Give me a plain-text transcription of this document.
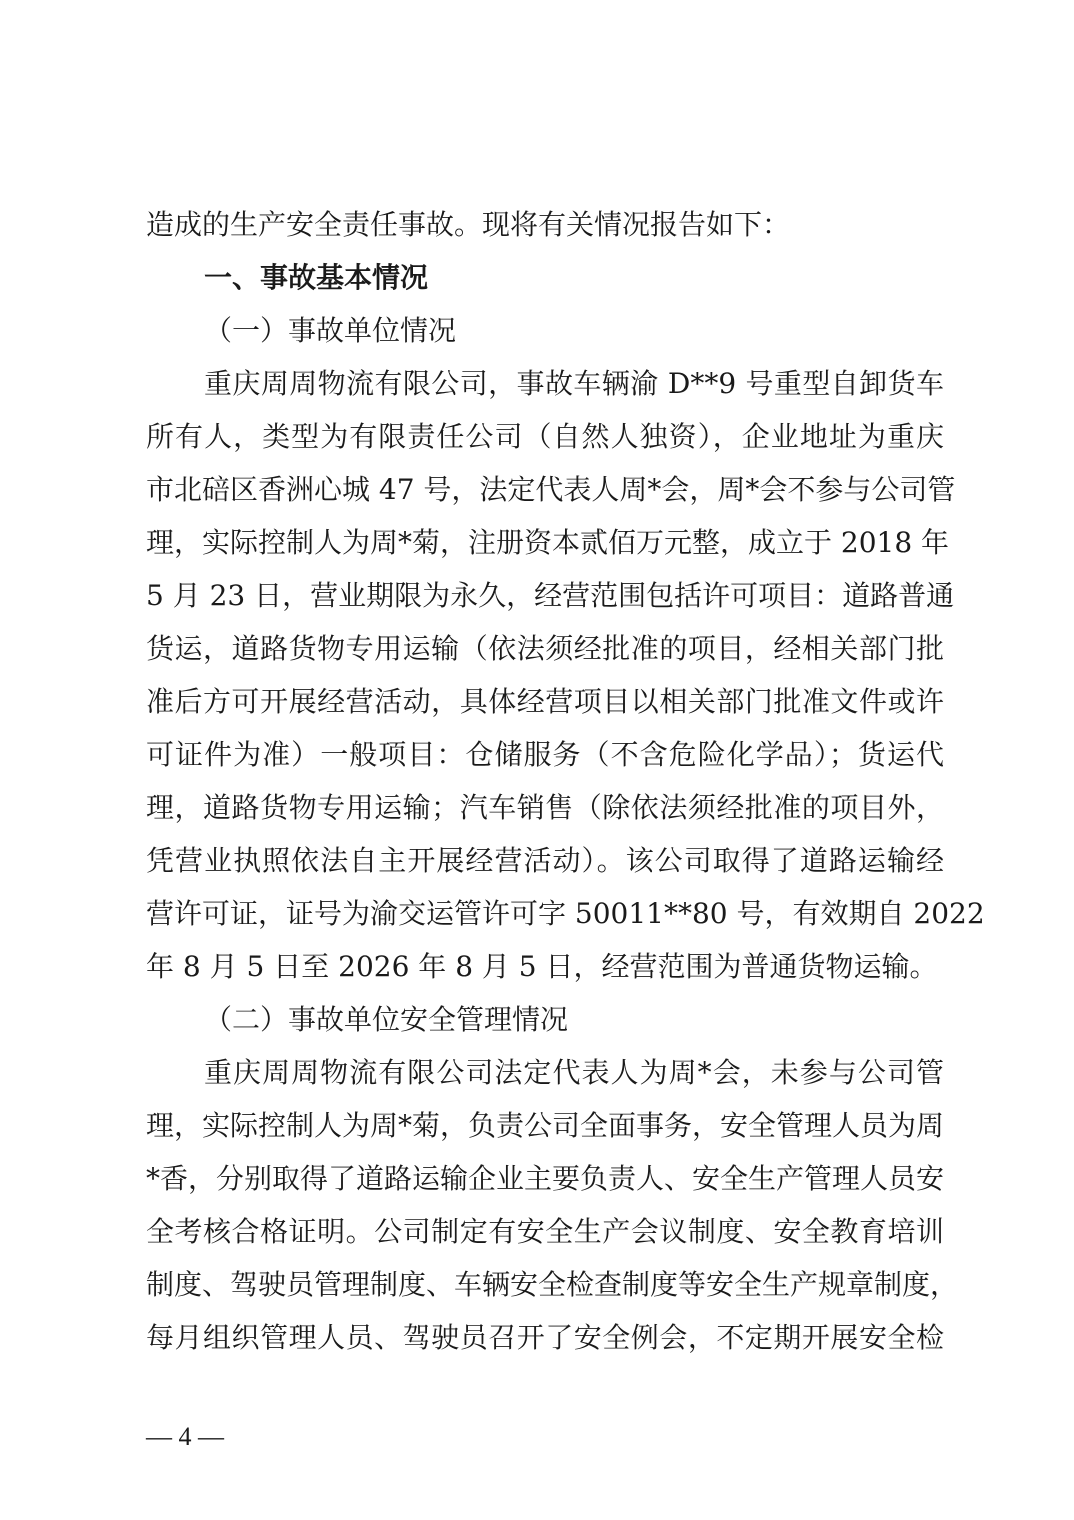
造成的生产安全责任事故。现将有关情况报告如下：
一、事故基本情况
（一）事故单位情况
重庆周周物流有限公司，事故车辆渝 D**9 号重型自卸货车
所有人，类型为有限责任公司（自然人独资），企业地址为重庆
市北碚区香洲心城 47 号，法定代表人周*会，周*会不参与公司管
理，实际控制人为周*菊，注册资本贰佰万元整，成立于 2018 年
5 月 23 日，营业期限为永久，经营范围包括许可项目：道路普通
货运，道路货物专用运输（依法须经批准的项目，经相关部门批
准后方可开展经营活动，具体经营项目以相关部门批准文件或许
可证件为准）一般项目：仓储服务（不含危险化学品）；货运代
理，道路货物专用运输；汽车销售（除依法须经批准的项目外，
凭营业执照依法自主开展经营活动）。该公司取得了道路运输经
营许可证，证号为渝交运管许可字 50011**80 号，有效期自 2022
年 8 月 5 日至 2026 年 8 月 5 日，经营范围为普通货物运输。
（二）事故单位安全管理情况
重庆周周物流有限公司法定代表人为周*会，未参与公司管
理，实际控制人为周*菊，负责公司全面事务，安全管理人员为周
*香，分别取得了道路运输企业主要负责人、安全生产管理人员安
全考核合格证明。公司制定有安全生产会议制度、安全教育培训
制度、驾驶员管理制度、车辆安全检查制度等安全生产规章制度，
每月组织管理人员、驾驶员召开了安全例会，不定期开展安全检
— 4 —
